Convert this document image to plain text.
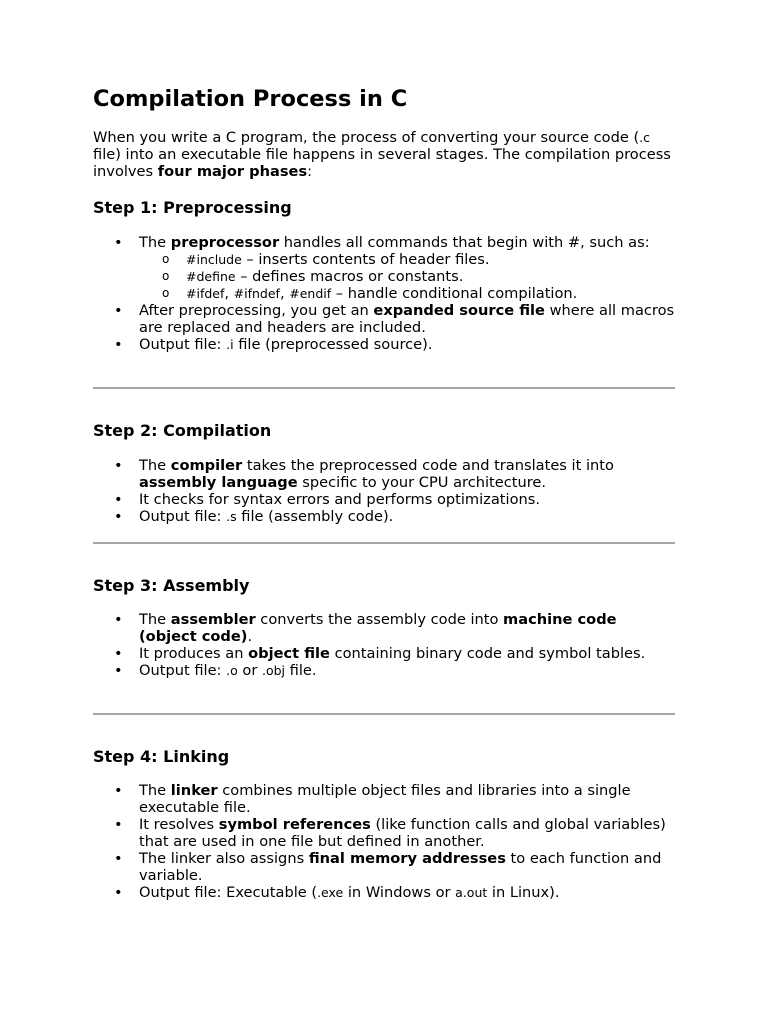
Compilation Process in C

When you write a C program, the process of converting your source code (.c file) into an executable file happens in several stages. The compilation process involves four major phases:

Step 1: Preprocessing
• The preprocessor handles all commands that begin with #, such as:
o #include – inserts contents of header files.
o #define – defines macros or constants.
o #ifdef, #ifndef, #endif – handle conditional compilation.
• After preprocessing, you get an expanded source file where all macros are replaced and headers are included.
• Output file: .i file (preprocessed source).
Step 2: Compilation
• The compiler takes the preprocessed code and translates it into assembly language specific to your CPU architecture.
• It checks for syntax errors and performs optimizations.
• Output file: .s file (assembly code).
Step 3: Assembly
• The assembler converts the assembly code into machine code (object code).
• It produces an object file containing binary code and symbol tables.
• Output file: .o or .obj file.
Step 4: Linking
• The linker combines multiple object files and libraries into a single executable file.
• It resolves symbol references (like function calls and global variables) that are used in one file but defined in another.
• The linker also assigns final memory addresses to each function and variable.
• Output file: Executable (.exe in Windows or a.out in Linux).
